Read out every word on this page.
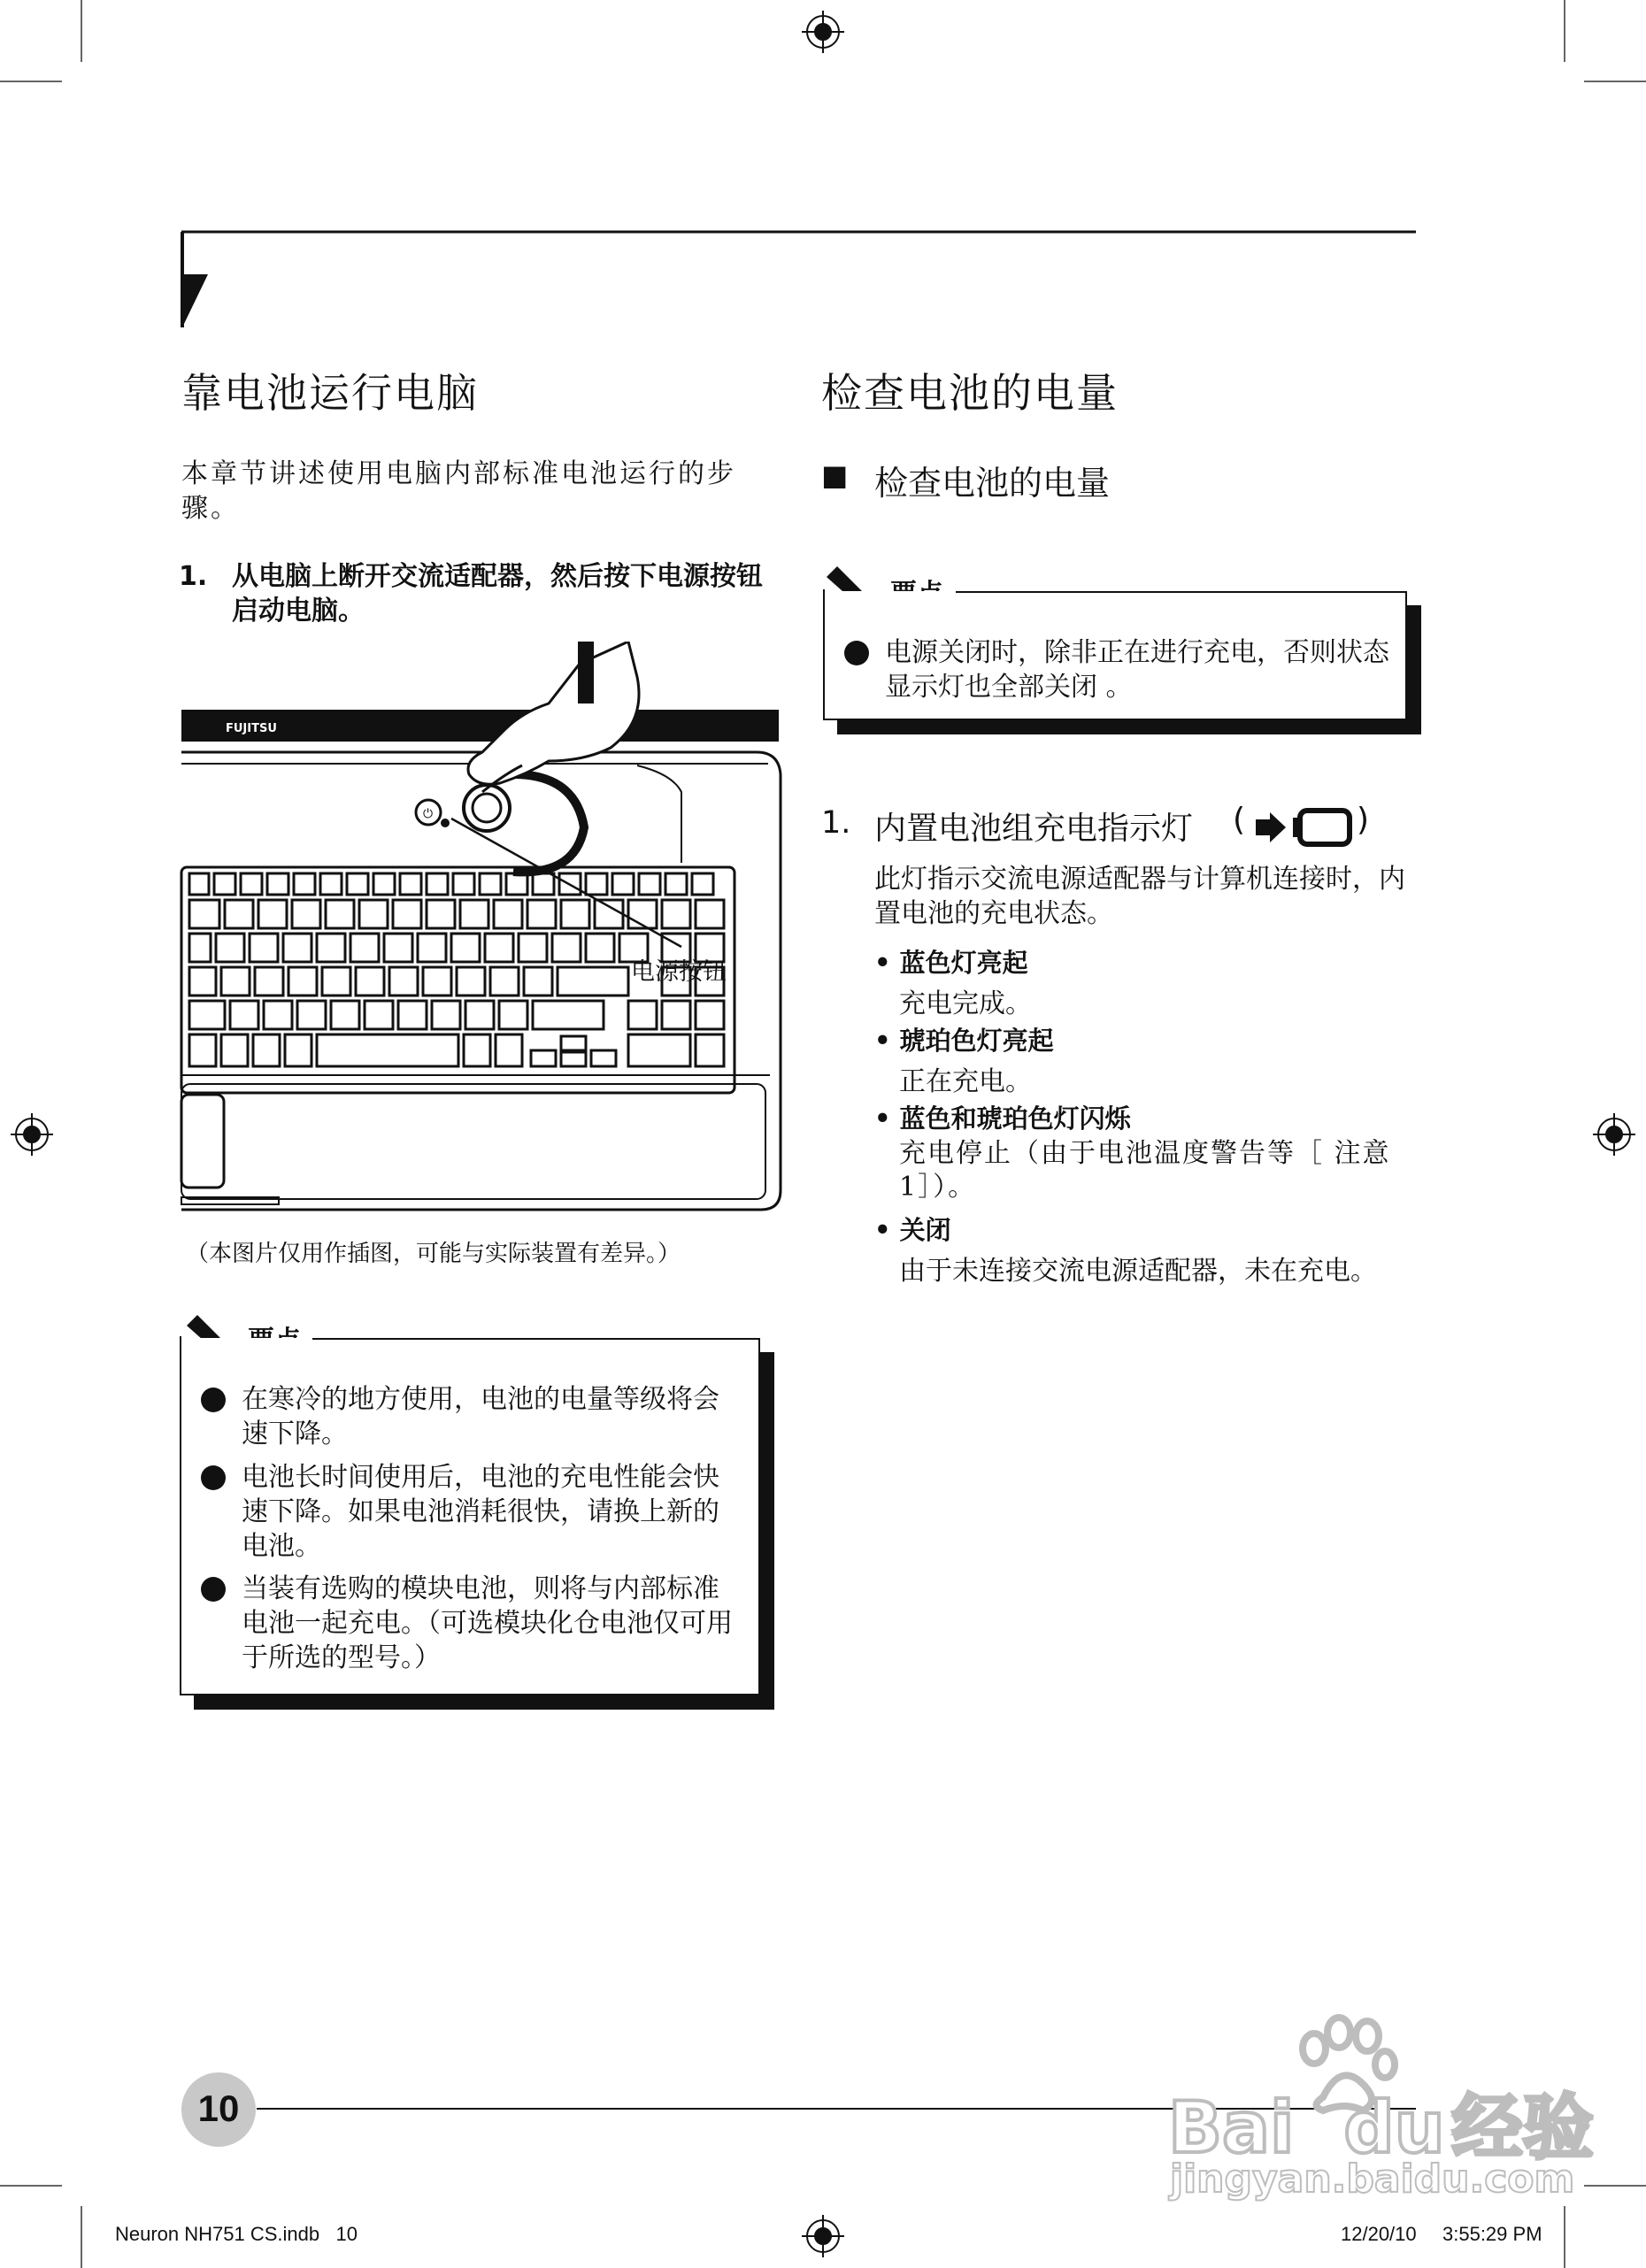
靠电池运行电脑
本章节讲述使用电脑内部标准电池运行的步骤。
1. 从电脑上断开交流适配器，然后按下电源按钮启动电脑。
FUJITSU
⏻
电源按钮
（本图片仅用作插图，可能与实际装置有差异。）
在寒冷的地方使用，电池的电量等级将会速下降。
电池长时间使用后，电池的充电性能会快速下降。如果电池消耗很快，请换上新的电池。
当装有选购的模块电池，则将与内部标准电池一起充电。（可选模块化仓电池仅可用于所选的型号。）
检查电池的电量
■ 检查电池的电量
电源关闭时，除非正在进行充电，否则状态显示灯也全部关闭 。
1. 内置电池组充电指示灯 (	)
此灯指示交流电源适配器与计算机连接时，内置电池的充电状态。
• 蓝色灯亮起
充电完成。
• 琥珀色灯亮起
正在充电。
• 蓝色和琥珀色灯闪烁
充电停止（由于电池温度警告等［ 注意 1］）。
• 关闭
由于未连接交流电源适配器，未在充电。
10	Bai du 经验
jingyan.baidu.com
Neuron NH751 CS.indb   10	12/20/10 3:55:29 PM
